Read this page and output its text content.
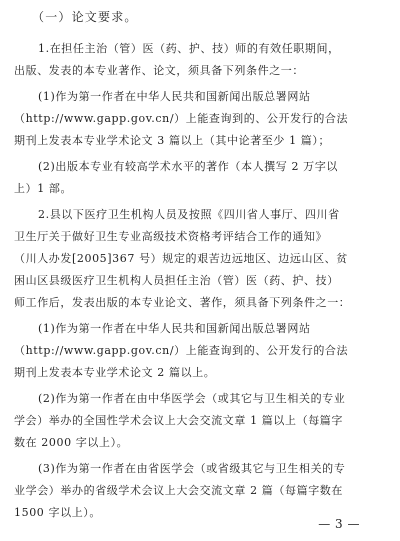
（一）论文要求。
1.在担任主治（管）医（药、护、技）师的有效任职期间，
出版、发表的本专业著作、论文，须具备下列条件之一：
(1)作为第一作者在中华人民共和国新闻出版总署网站
（http://www.gapp.gov.cn/）上能查询到的、公开发行的合法
期刊上发表本专业学术论文 3 篇以上（其中论著至少 1 篇）；
(2)出版本专业有较高学术水平的著作（本人撰写 2 万字以
上）1 部。
2.县以下医疗卫生机构人员及按照《四川省人事厅、四川省
卫生厅关于做好卫生专业高级技术资格考评结合工作的通知》
（川人办发[2005]367 号）规定的艰苦边远地区、边远山区、贫
困山区县级医疗卫生机构人员担任主治（管）医（药、护、技）
师工作后，发表出版的本专业论文、著作，须具备下列条件之一：
(1)作为第一作者在中华人民共和国新闻出版总署网站
（http://www.gapp.gov.cn/）上能查询到的、公开发行的合法
期刊上发表本专业学术论文 2 篇以上。
(2)作为第一作者在由中华医学会（或其它与卫生相关的专业
学会）举办的全国性学术会议上大会交流文章 1 篇以上（每篇字
数在 2000 字以上）。
(3)作为第一作者在由省医学会（或省级其它与卫生相关的专
业学会）举办的省级学术会议上大会交流文章 2 篇（每篇字数在
1500 字以上）。
— 3 —
